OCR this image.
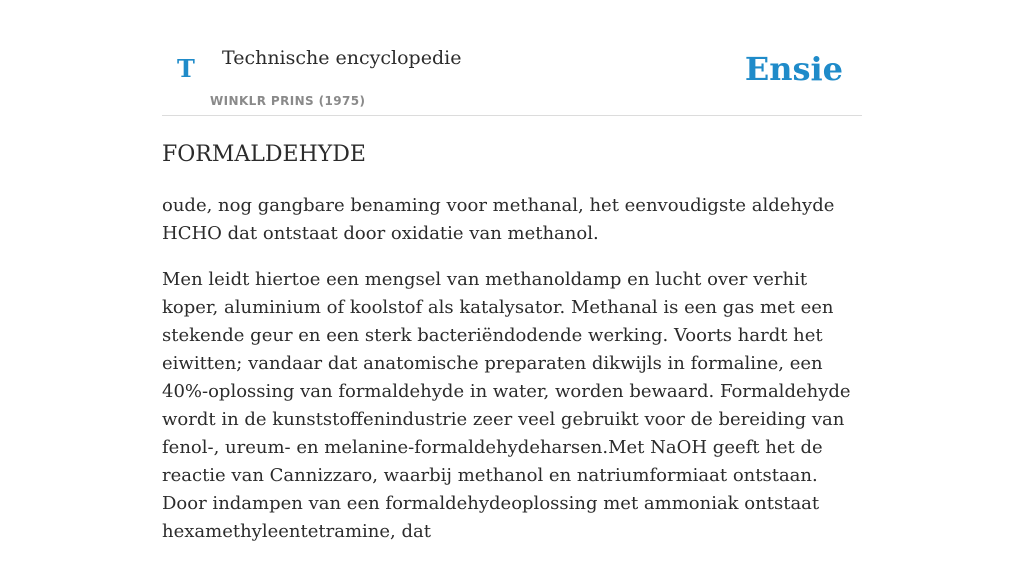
T Technische encyclopedie
WINKLR PRINS (1975)
Ensie
FORMALDEHYDE

oude, nog gangbare benaming voor methanal, het eenvoudigste aldehyde HCHO dat ontstaat door oxidatie van methanol.

Men leidt hiertoe een mengsel van methanoldamp en lucht over verhit koper, aluminium of koolstof als katalysator. Methanal is een gas met een stekende geur en een sterk bacteriëndodende werking. Voorts hardt het eiwitten; vandaar dat anatomische preparaten dikwijls in formaline, een 40%-oplossing van formaldehyde in water, worden bewaard. Formaldehyde wordt in de kunststoffenindustrie zeer veel gebruikt voor de bereiding van fenol-, ureum- en melanine-formaldehydeharsen.Met NaOH geeft het de reactie van Cannizzaro, waarbij methanol en natriumformiaat ontstaan. Door indampen van een formaldehydeoplossing met ammoniak ontstaat hexamethyleentetramine, dat
